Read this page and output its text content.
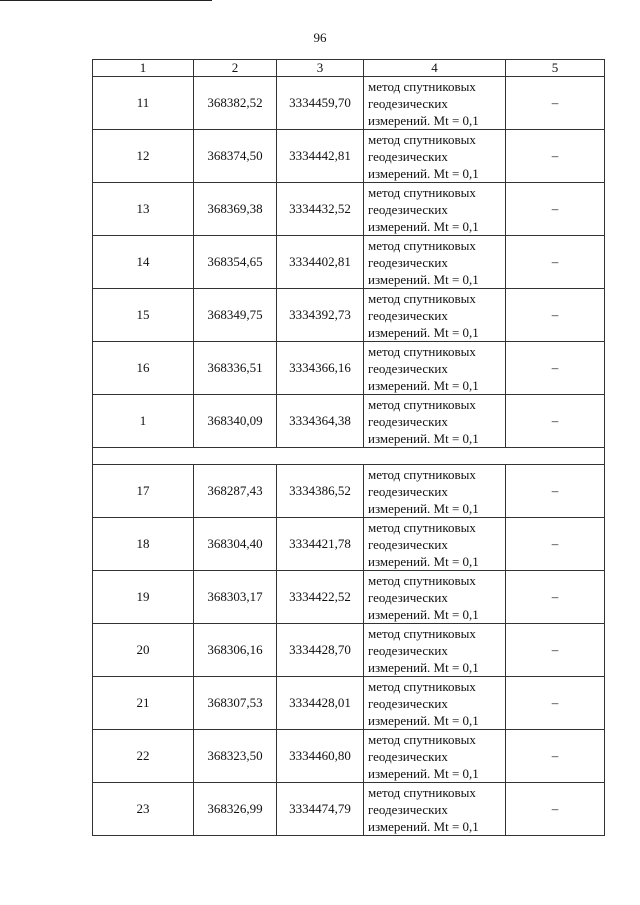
96
1	2	3	4	5
11	368382,52	3334459,70	метод спутниковых
геодезических
измерений. Mt = 0,1	–
12	368374,50	3334442,81	метод спутниковых
геодезических
измерений. Mt = 0,1	–
13	368369,38	3334432,52	метод спутниковых
геодезических
измерений. Mt = 0,1	–
14	368354,65	3334402,81	метод спутниковых
геодезических
измерений. Mt = 0,1	–
15	368349,75	3334392,73	метод спутниковых
геодезических
измерений. Mt = 0,1	–
16	368336,51	3334366,16	метод спутниковых
геодезических
измерений. Mt = 0,1	–
1	368340,09	3334364,38	метод спутниковых
геодезических
измерений. Mt = 0,1	–

17	368287,43	3334386,52	метод спутниковых
геодезических
измерений. Mt = 0,1	–
18	368304,40	3334421,78	метод спутниковых
геодезических
измерений. Mt = 0,1	–
19	368303,17	3334422,52	метод спутниковых
геодезических
измерений. Mt = 0,1	–
20	368306,16	3334428,70	метод спутниковых
геодезических
измерений. Mt = 0,1	–
21	368307,53	3334428,01	метод спутниковых
геодезических
измерений. Mt = 0,1	–
22	368323,50	3334460,80	метод спутниковых
геодезических
измерений. Mt = 0,1	–
23	368326,99	3334474,79	метод спутниковых
геодезических
измерений. Mt = 0,1	–
